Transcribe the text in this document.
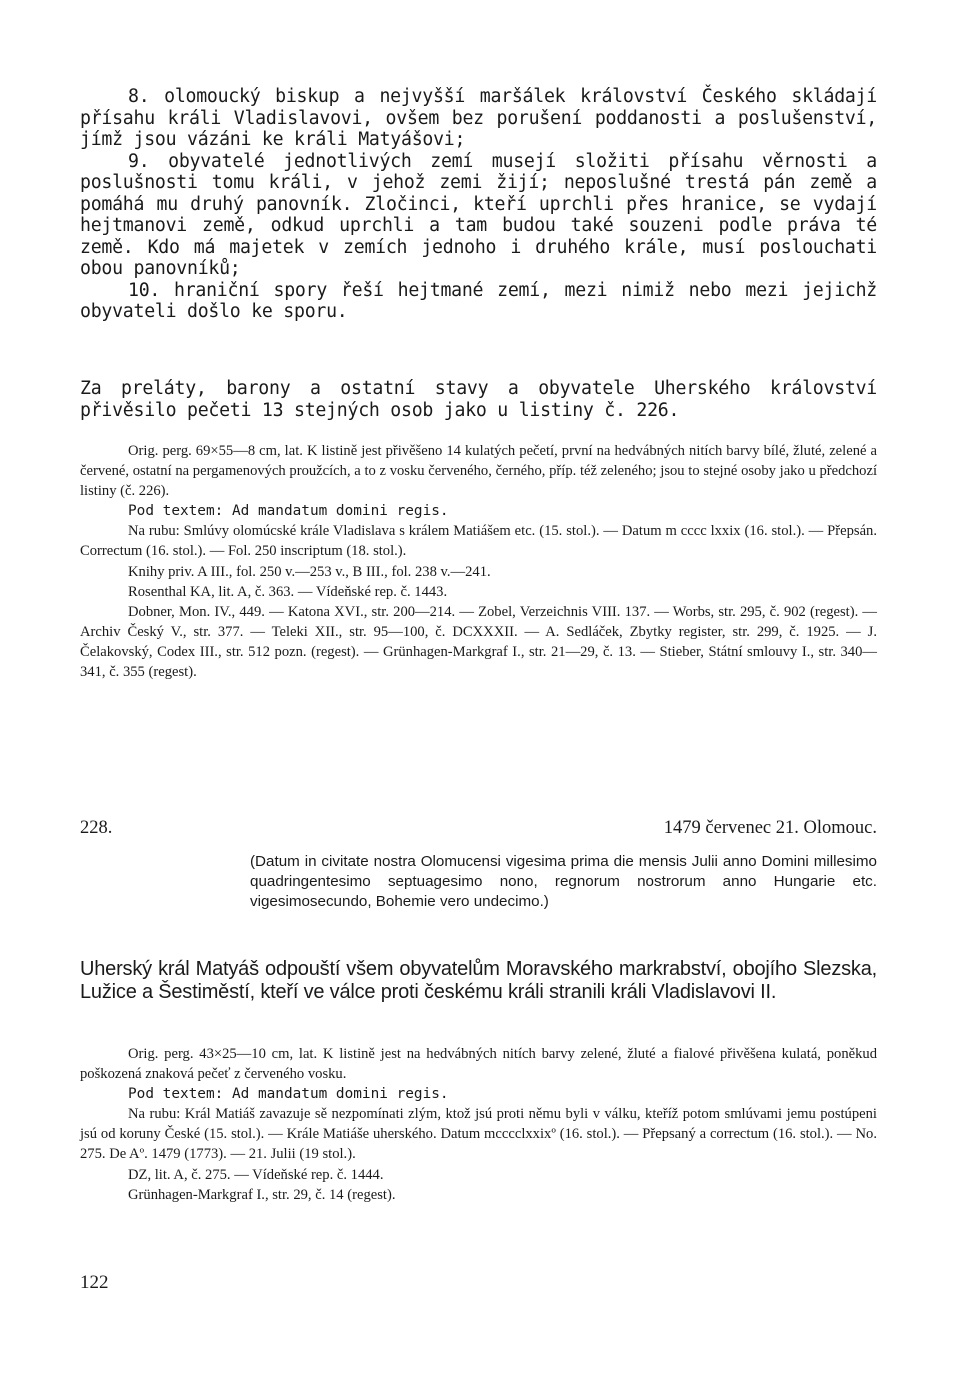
8. olomoucký biskup a nejvyšší maršálek království Českého skládají přísahu králi Vladislavovi, ovšem bez porušení poddanosti a poslušenství, jímž jsou vázáni ke králi Matyášovi;

9. obyvatelé jednotlivých zemí musejí složiti přísahu věrnosti a poslušnosti tomu králi, v jehož zemi žijí; neposlušné trestá pán země a pomáhá mu druhý panovník. Zločinci, kteří uprchli přes hranice, se vydají hejtmanovi země, odkud uprchli a tam budou také souzeni podle práva té země. Kdo má majetek v zemích jednoho i druhého krále, musí poslouchati obou panovníků;

10. hraniční spory řeší hejtmané zemí, mezi nimiž nebo mezi jejichž obyvateli došlo ke sporu.

Za preláty, barony a ostatní stavy a obyvatele Uherského království přivěsilo pečeti 13 stejných osob jako u listiny č. 226.

Orig. perg. 69×55—8 cm, lat. K listině jest přivěšeno 14 kulatých pečetí, první na hedvábných nitích barvy bílé, žluté, zelené a červené, ostatní na pergamenových proužcích, a to z vosku červeného, černého, příp. též zeleného; jsou to stejné osoby jako u předchozí listiny (č. 226).

Pod textem: Ad mandatum domini regis.

Na rubu: Smlúvy olomúcské krále Vladislava s králem Matiášem etc. (15. stol.). — Datum m cccc lxxix (16. stol.). — Přepsán. Correctum (16. stol.). — Fol. 250 inscriptum (18. stol.).

Knihy priv. A III., fol. 250 v.—253 v., B III., fol. 238 v.—241.

Rosenthal KA, lit. A, č. 363. — Vídeňské rep. č. 1443.

Dobner, Mon. IV., 449. — Katona XVI., str. 200—214. — Zobel, Verzeichnis VIII. 137. — Worbs, str. 295, č. 902 (regest). — Archiv Český V., str. 377. — Teleki XII., str. 95—100, č. DCXXXII. — A. Sedláček, Zbytky register, str. 299, č. 1925. — J. Čelakovský, Codex III., str. 512 pozn. (regest). — Grünhagen-Markgraf I., str. 21—29, č. 13. — Stieber, Státní smlouvy I., str. 340—341, č. 355 (regest).

228.	1479 červenec 21. Olomouc.

(Datum in civitate nostra Olomucensi vigesima prima die mensis Julii anno Domini millesimo quadringentesimo septuagesimo nono, regnorum nostrorum anno Hungarie etc. vigesimosecundo, Bohemie vero undecimo.)

Uherský král Matyáš odpouští všem obyvatelům Moravského markrabství, obojího Slezska, Lužice a Šestiměstí, kteří ve válce proti českému králi stranili králi Vladislavovi II.

Orig. perg. 43×25—10 cm, lat. K listině jest na hedvábných nitích barvy zelené, žluté a fialové přivěšena kulatá, poněkud poškozená znaková pečeť z červeného vosku.

Pod textem: Ad mandatum domini regis.

Na rubu: Král Matiáš zavazuje sě nezpomínati zlým, ktož jsú proti němu byli v válku, kteříž potom smlúvami jemu postúpeni jsú od koruny České (15. stol.). — Krále Matiáše uherského. Datum mcccclxxixº (16. stol.). — Přepsaný a correctum (16. stol.). — No. 275. De Aº. 1479 (1773). — 21. Julii (19 stol.).

DZ, lit. A, č. 275. — Vídeňské rep. č. 1444.

Grünhagen-Markgraf I., str. 29, č. 14 (regest).

122
